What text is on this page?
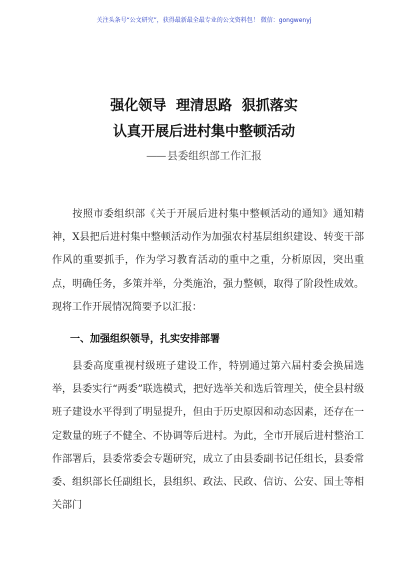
关注头条号“公文研究”，获得最新最全最专业的公文资料包！ 微信：gongwenyj
强化领导  理清思路  狠抓落实
认真开展后进村集中整顿活动
—— 县委组织部工作汇报

按照市委组织部《关于开展后进村集中整顿活动的通知》通知精神，X县把后进村集中整顿活动作为加强农村基层组织建设、转变干部作风的重要抓手，作为学习教育活动的重中之重，分析原因，突出重点，明确任务，多策并举，分类施治，强力整顿，取得了阶段性成效。现将工作开展情况简要予以汇报：

一、加强组织领导，扎实安排部署

县委高度重视村级班子建设工作，特别通过第六届村委会换届选举，县委实行“两委”联选模式，把好选举关和选后管理关，使全县村级班子建设水平得到了明显提升，但由于历史原因和动态因素，还存在一定数量的班子不健全、不协调等后进村。为此，全市开展后进村整治工作部署后，县委常委会专题研究，成立了由县委副书记任组长，县委常委、组织部长任副组长，县组织、政法、民政、信访、公安、国土等相关部门
